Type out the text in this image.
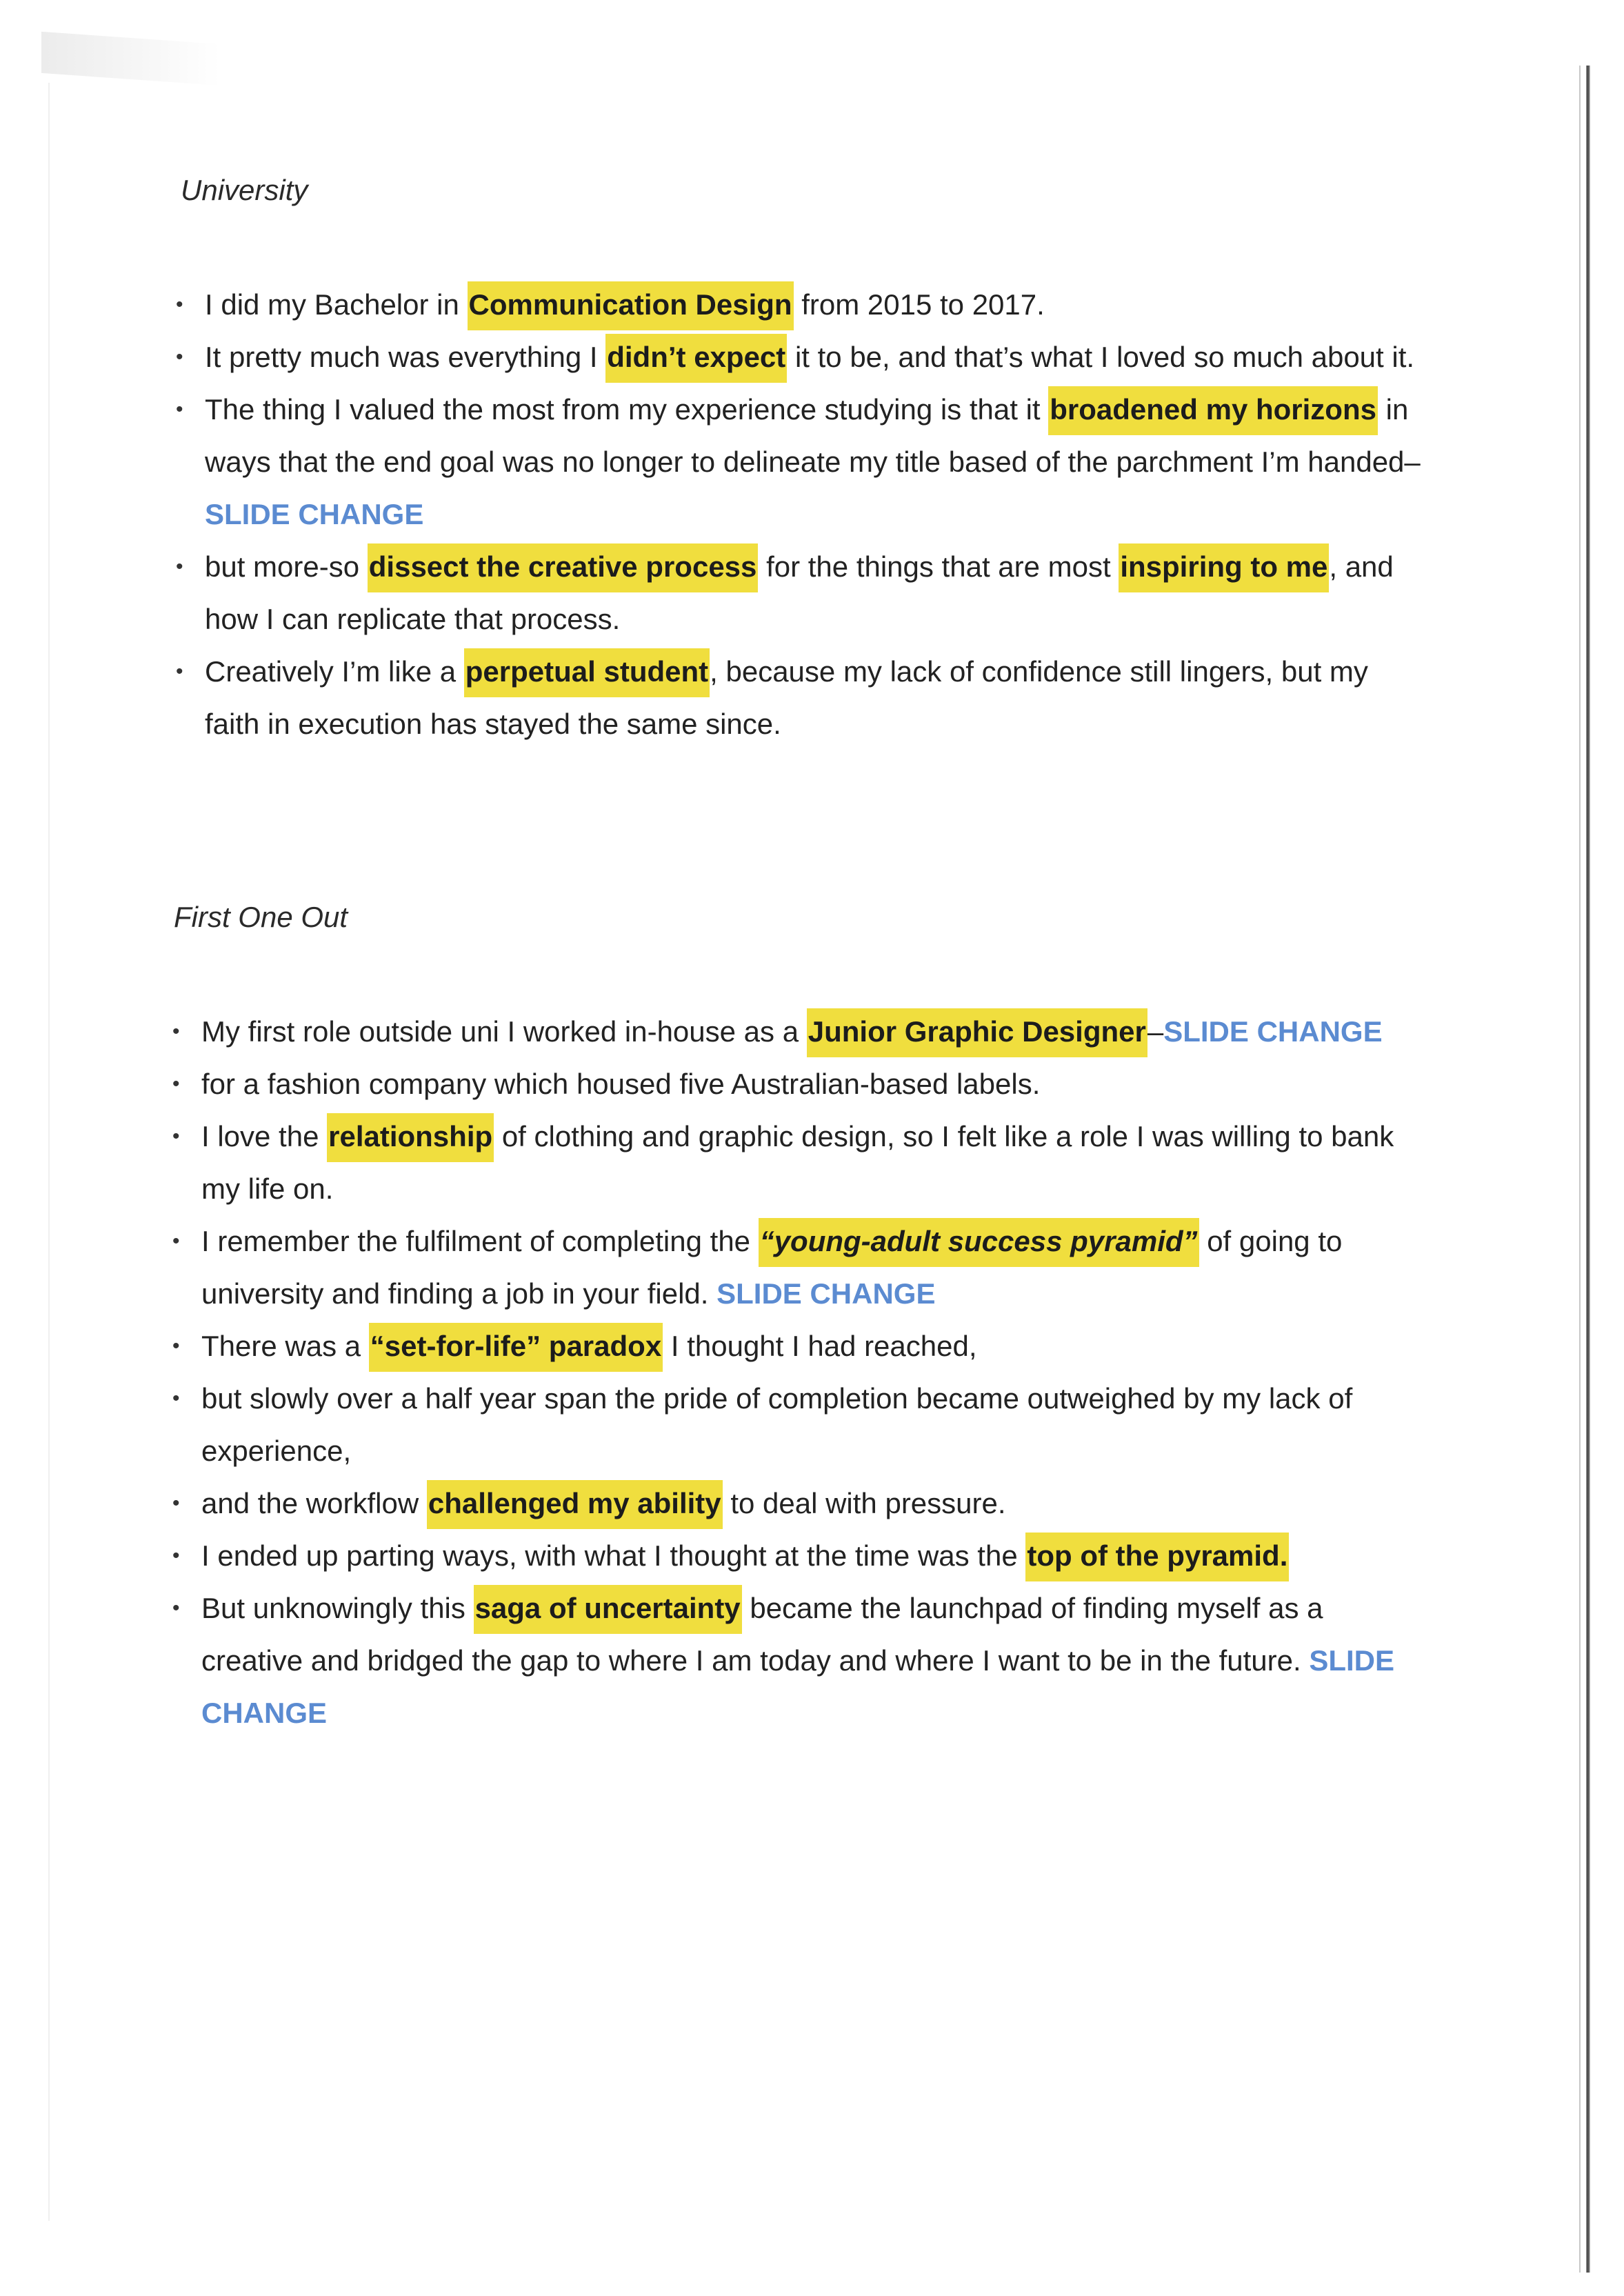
University
• I did my Bachelor in Communication Design from 2015 to 2017.
• It pretty much was everything I didn’t expect it to be, and that’s what I loved so much about it.
• The thing I valued the most from my experience studying is that it broadened my horizons in ways that the end goal was no longer to delineate my title based of the parchment I’m handed–SLIDE CHANGE
• but more-so dissect the creative process for the things that are most inspiring to me, and how I can replicate that process.
• Creatively I’m like a perpetual student, because my lack of confidence still lingers, but my faith in execution has stayed the same since.
First One Out
• My first role outside uni I worked in-house as a Junior Graphic Designer–SLIDE CHANGE
• for a fashion company which housed five Australian-based labels.
• I love the relationship of clothing and graphic design, so I felt like a role I was willing to bank my life on.
• I remember the fulfilment of completing the “young-adult success pyramid” of going to university and finding a job in your field. SLIDE CHANGE
• There was a “set-for-life” paradox I thought I had reached,
• but slowly over a half year span the pride of completion became outweighed by my lack of experience,
• and the workflow challenged my ability to deal with pressure.
• I ended up parting ways, with what I thought at the time was the top of the pyramid.
• But unknowingly this saga of uncertainty became the launchpad of finding myself as a creative and bridged the gap to where I am today and where I want to be in the future. SLIDE CHANGE
